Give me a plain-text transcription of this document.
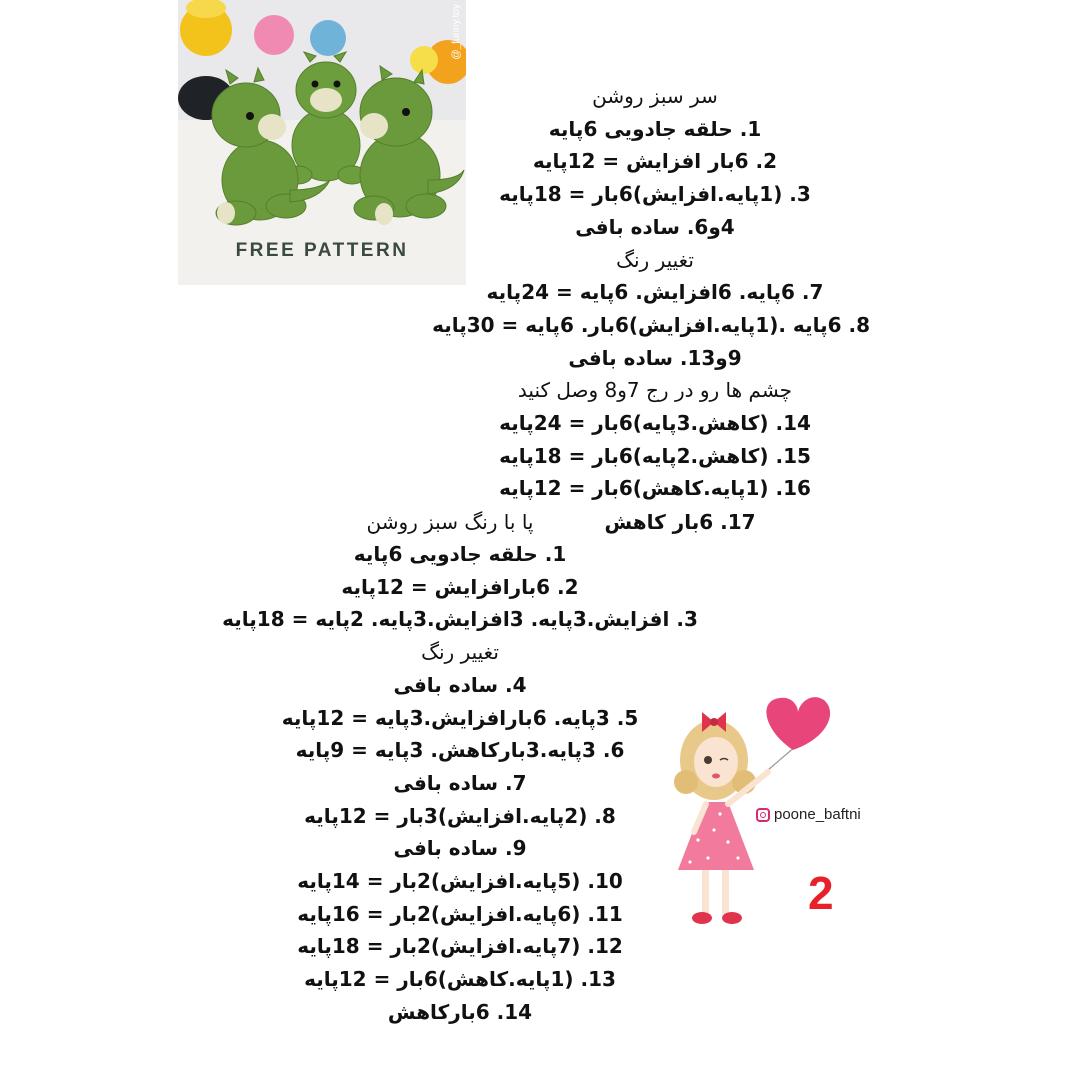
@_funny.toy
FREE PATTERN
سر سبز روشن
1. حلقه جادویی 6پایه
2. 6بار افزایش = 12پایه
3. (1پایه.افزایش)6بار = 18پایه
4و6. ساده بافی
تغییر رنگ
7. 6پایه. 6افزایش. 6پایه = 24پایه
8. 6پایه .(1پایه.افزایش)6بار. 6پایه = 30پایه
9و13. ساده بافی
چشم ها رو در رج 7و8 وصل کنید
14. (کاهش.3پایه)6بار = 24پایه
15. (کاهش.2پایه)6بار = 18پایه
16. (1پایه.کاهش)6بار = 12پایه
17. 6بار کاهش
پا با رنگ سبز روشن
1. حلقه جادویی 6پایه
2. 6بارافزایش = 12پایه
3. افزایش.3پایه. 3افزایش.3پایه. 2پایه = 18پایه
تغییر رنگ
4. ساده بافی
5. 3پایه. 6بارافزایش.3پایه = 12پایه
6. 3پایه.3بارکاهش. 3پایه = 9پایه
7. ساده بافی
8. (2پایه.افزایش)3بار = 12پایه
9. ساده بافی
10. (5پایه.افزایش)2بار = 14پایه
11. (6پایه.افزایش)2بار = 16پایه
12. (7پایه.افزایش)2بار = 18پایه
13. (1پایه.کاهش)6بار = 12پایه
14. 6بارکاهش
poone_baftni
2
